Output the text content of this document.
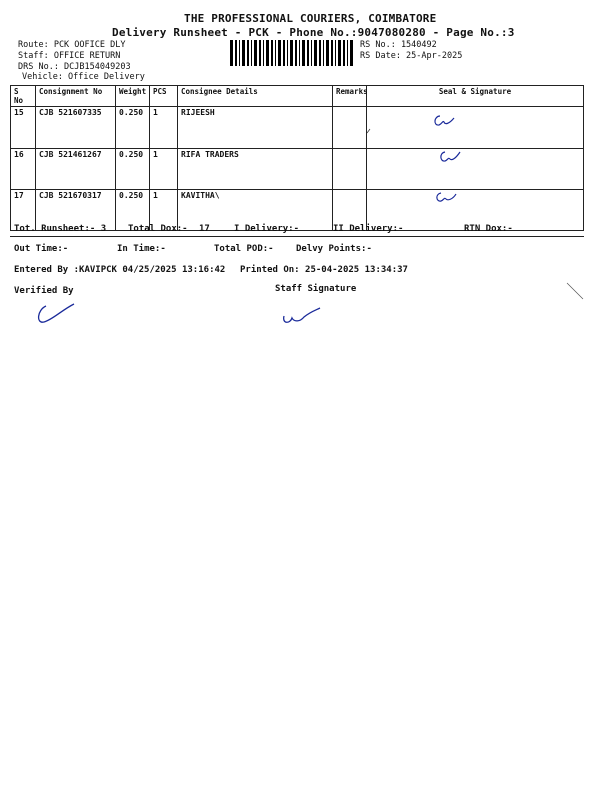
THE PROFESSIONAL COURIERS, COIMBATORE
Delivery Runsheet - PCK - Phone No.:9047080280 - Page No.:3
Route: PCK OOFICE DLY
Staff: OFFICE RETURN
DRS No.: DCJB154049203
Vehicle: Office Delivery
RS No.: 1540492
RS Date: 25-Apr-2025
S No	Consignment No	Weight	PCS	Consignee Details	Remarks	Seal & Signature
15	CJB 521607335	0.250	1	RIJEESH		
16	CJB 521461267	0.250	1	RIFA TRADERS		
17	CJB 521670317	0.250	1	KAVITHA\		
Tot. Runsheet:- 3 Total Dox:- 17	I Delivery:-	II Delivery:-	RTN Dox:-
Out Time:-	In Time:-	Total POD:- Delvy Points:-
Entered By :KAVIPCK 04/25/2025 13:16:42 Printed On: 25-04-2025 13:34:37
Verified By	Staff Signature
